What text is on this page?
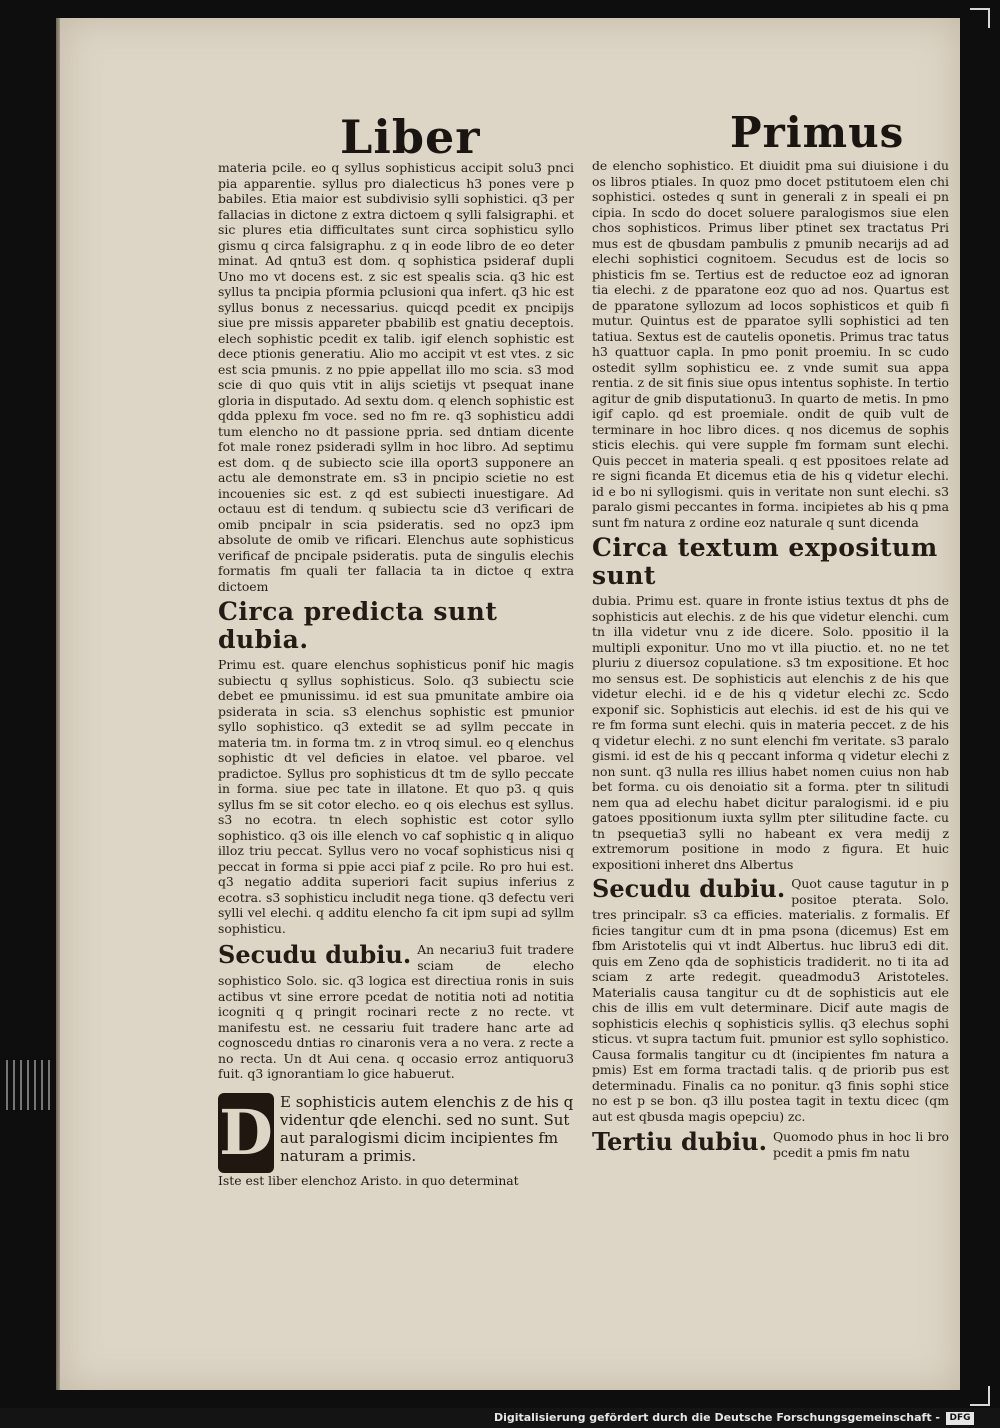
Liber	Primus

materia pcile. eo q syllus sophisticus accipit solu3 pnci pia apparentie. syllus pro dialecticus h3 pones vere p babiles. Etia maior est subdivisio sylli sophistici. q3 per fallacias in dictone z extra dictoem q sylli falsigraphi. et sic plures etia difficultates sunt circa sophisticu syllo gismu q circa falsigraphu. z q in eode libro de eo deter minat. Ad qntu3 est dom. q sophistica psideraf dupli Uno mo vt docens est. z sic est spealis scia. q3 hic est syllus ta pncipia pformia pclusioni qua infert. q3 hic est syllus bonus z necessarius. quicqd pcedit ex pncipijs siue pre missis appareter pbabilib est gnatiu deceptois. elech sophistic pcedit ex talib. igif elench sophistic est dece ptionis generatiu. Alio mo accipit vt est vtes. z sic est scia pmunis. z no ppie appellat illo mo scia. s3 mod scie di quo quis vtit in alijs scietijs vt psequat inane gloria in disputado. Ad sextu dom. q elench sophistic est qdda pplexu fm voce. sed no fm re. q3 sophisticu addi tum elencho no dt passione ppria. sed dntiam dicente fot male ronez psideradi syllm in hoc libro. Ad septimu est dom. q de subiecto scie illa oport3 supponere an actu ale demonstrate em. s3 in pncipio scietie no est incouenies sic est. z qd est subiecti inuestigare. Ad octauu est di tendum. q subiectu scie d3 verificari de omib pncipalr in scia psideratis. sed no opz3 ipm absolute de omib ve rificari. Elenchus aute sophisticus verificaf de pncipale psideratis. puta de singulis elechis formatis fm quali ter fallacia ta in dictoe q extra dictoem

Circa predicta sunt dubia.

Primu est. quare elenchus sophisticus ponif hic magis subiectu q syllus sophisticus. Solo. q3 subiectu scie debet ee pmunissimu. id est sua pmunitate ambire oia psiderata in scia. s3 elenchus sophistic est pmunior syllo sophistico. q3 extedit se ad syllm peccate in materia tm. in forma tm. z in vtroq simul. eo q elenchus sophistic dt vel deficies in elatoe. vel pbaroe. vel pradictoe. Syllus pro sophisticus dt tm de syllo peccate in forma. siue pec tate in illatone. Et quo p3. q quis syllus fm se sit cotor elecho. eo q ois elechus est syllus. s3 no ecotra. tn elech sophistic est cotor syllo sophistico. q3 ois ille elench vo caf sophistic q in aliquo illoz triu peccat. Syllus vero no vocaf sophisticus nisi q peccat in forma si ppie acci piaf z pcile. Ro pro hui est. q3 negatio addita superiori facit supius inferius z ecotra. s3 sophisticu includit nega tione. q3 defectu veri sylli vel elechi. q additu elencho fa cit ipm supi ad syllm sophisticu.

Secudu dubiu. An necariu3 fuit tradere sciam de elecho sophistico Solo. sic. q3 logica est directiua ronis in suis actibus vt sine errore pcedat de notitia noti ad notitia icogniti q q pringit rocinari recte z no recte. vt manifestu est. ne cessariu fuit tradere hanc arte ad cognoscedu dntias ro cinaronis vera a no vera. z recte a no recta. Un dt Aui cena. q occasio erroz antiquoru3 fuit. q3 ignorantiam lo gice habuerut.

D E sophisticis autem elenchis z de his q videntur qde elenchi. sed no sunt. Sut aut paralogismi dicim incipientes fm naturam a primis.

Iste est liber elenchoz Aristo. in quo determinat

de elencho sophistico. Et diuidit pma sui diuisione i du os libros ptiales. In quoz pmo docet pstitutoem elen chi sophistici. ostedes q sunt in generali z in speali ei pn cipia. In scdo do docet soluere paralogismos siue elen chos sophisticos. Primus liber ptinet sex tractatus Pri mus est de qbusdam pambulis z pmunib necarijs ad ad elechi sophistici cognitoem. Secudus est de locis so phisticis fm se. Tertius est de reductoe eoz ad ignoran tia elechi. z de pparatone eoz quo ad nos. Quartus est de pparatone syllozum ad locos sophisticos et quib fi mutur. Quintus est de pparatoe sylli sophistici ad ten tatiua. Sextus est de cautelis oponetis. Primus trac tatus h3 quattuor capla. In pmo ponit proemiu. In sc cudo ostedit syllm sophisticu ee. z vnde sumit sua appa rentia. z de sit finis siue opus intentus sophiste. In tertio agitur de gnib disputationu3. In quarto de metis. In pmo igif caplo. qd est proemiale. ondit de quib vult de terminare in hoc libro dices. q nos dicemus de sophis sticis elechis. qui vere supple fm formam sunt elechi. Quis peccet in materia speali. q est ppositoes relate ad re signi ficanda Et dicemus etia de his q videtur elechi. id e bo ni syllogismi. quis in veritate non sunt elechi. s3 paralo gismi peccantes in forma. incipietes ab his q pma sunt fm natura z ordine eoz naturale q sunt dicenda

Circa textum expositum sunt

dubia. Primu est. quare in fronte istius textus dt phs de sophisticis aut elechis. z de his que videtur elenchi. cum tn illa videtur vnu z ide dicere. Solo. ppositio il la multipli exponitur. Uno mo vt illa piuctio. et. no ne tet pluriu z diuersoz copulatione. s3 tm expositione. Et hoc mo sensus est. De sophisticis aut elenchis z de his que videtur elechi. id e de his q videtur elechi zc. Scdo exponif sic. Sophisticis aut elechis. id est de his qui ve re fm forma sunt elechi. quis in materia peccet. z de his q videtur elechi. z no sunt elenchi fm veritate. s3 paralo gismi. id est de his q peccant informa q videtur elechi z non sunt. q3 nulla res illius habet nomen cuius non hab bet forma. cu ois denoiatio sit a forma. pter tn silitudi nem qua ad elechu habet dicitur paralogismi. id e piu gatoes ppositionum iuxta syllm pter silitudine facte. cu tn psequetia3 sylli no habeant ex vera medij z extremorum positione in modo z figura. Et huic expositioni inheret dns Albertus

Secudu dubiu. Quot cause tagutur in p positoe pterata. Solo. tres principalr. s3 ca efficies. materialis. z formalis. Ef ficies tangitur cum dt in pma psona (dicemus) Est em fbm Aristotelis qui vt indt Albertus. huc libru3 edi dit. quis em Zeno qda de sophisticis tradiderit. no ti ita ad sciam z arte redegit. queadmodu3 Aristoteles. Materialis causa tangitur cu dt de sophisticis aut ele chis de illis em vult determinare. Dicif aute magis de sophisticis elechis q sophisticis syllis. q3 elechus sophi sticus. vt supra tactum fuit. pmunior est syllo sophistico. Causa formalis tangitur cu dt (incipientes fm natura a pmis) Est em forma tractadi talis. q de priorib pus est determinadu. Finalis ca no ponitur. q3 finis sophi stice no est p se bon. q3 illu postea tagit in textu dicec (qm aut est qbusda magis opepciu) zc.

Tertiu dubiu. Quomodo phus in hoc li bro pcedit a pmis fm natu

Digitalisierung gefördert durch die Deutsche Forschungsgemeinschaft -	DFG
